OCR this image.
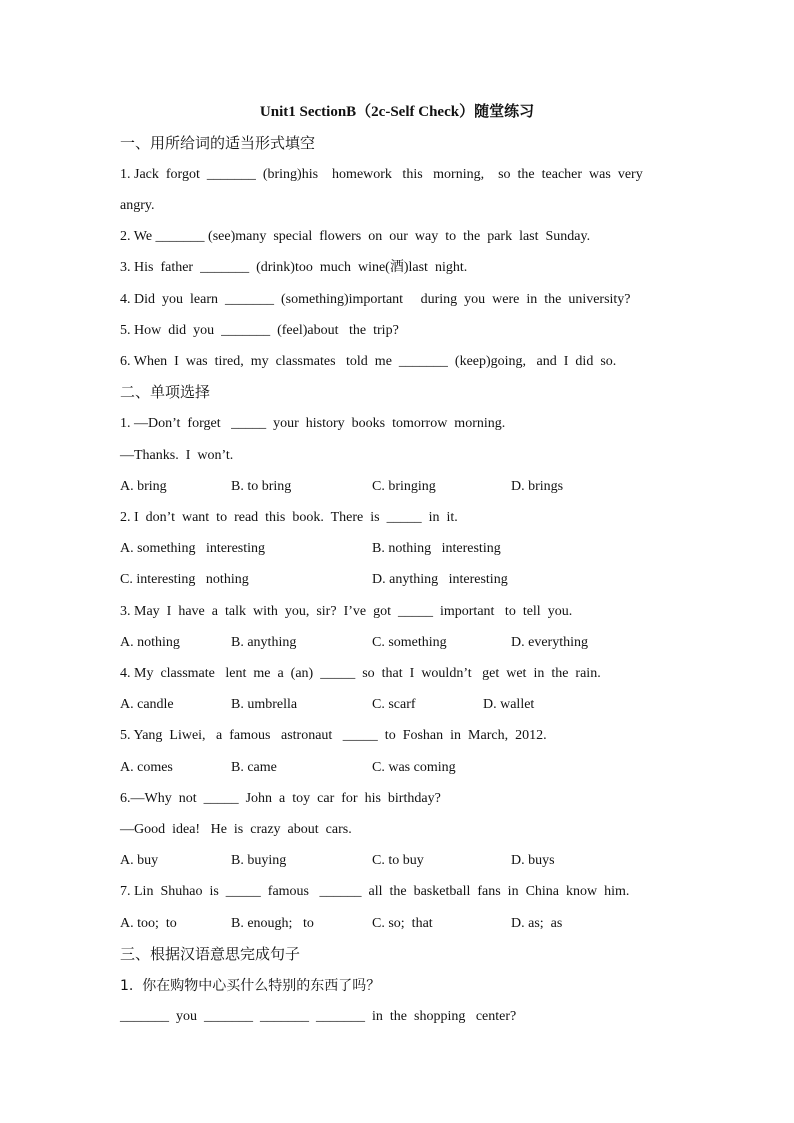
Unit1 SectionB（2c-Self Check）随堂练习
一、用所给词的适当形式填空
1. Jack  forgot  _______  (bring)his    homework   this   morning,    so  the  teacher  was  very
angry.
2. We _______ (see)many  special  flowers  on  our  way  to  the  park  last  Sunday.
3. His  father  _______  (drink)too  much  wine(酒)last  night.
4. Did  you  learn  _______  (something)important     during  you  were  in  the  university?
5. How  did  you  _______  (feel)about   the  trip?
6. When  I  was  tired,  my  classmates   told  me  _______  (keep)going,   and  I  did  so.
二、单项选择
1. —Don’t  forget   _____  your  history  books  tomorrow  morning.
—Thanks.  I  won’t.
A. bring	B. to bring	C. bringing	D. brings
2. I  don’t  want  to  read  this  book.  There  is  _____  in  it.
A. something   interesting	B. nothing   interesting
C. interesting   nothing	D. anything   interesting
3. May  I  have  a  talk  with  you,  sir?  I’ve  got  _____  important   to  tell  you.
A. nothing	B. anything	C. something	D. everything
4. My  classmate   lent  me  a  (an)  _____  so  that  I  wouldn’t   get  wet  in  the  rain.
A. candle	B. umbrella	C. scarf	D. wallet
5. Yang  Liwei,   a  famous   astronaut   _____  to  Foshan  in  March,  2012.
A. comes	B. came	C. was coming
6.—Why  not  _____  John  a  toy  car  for  his  birthday?
—Good  idea!   He  is  crazy  about  cars.
A. buy	B. buying	C. to buy	D. buys
7. Lin  Shuhao  is  _____  famous   ______  all  the  basketball  fans  in  China  know  him.
A. too;  to	B. enough;   to	C. so;  that	D. as;  as
三、根据汉语意思完成句子
1.  你在购物中心买什么特别的东西了吗？
_______  you  _______  _______  _______  in  the  shopping   center?
